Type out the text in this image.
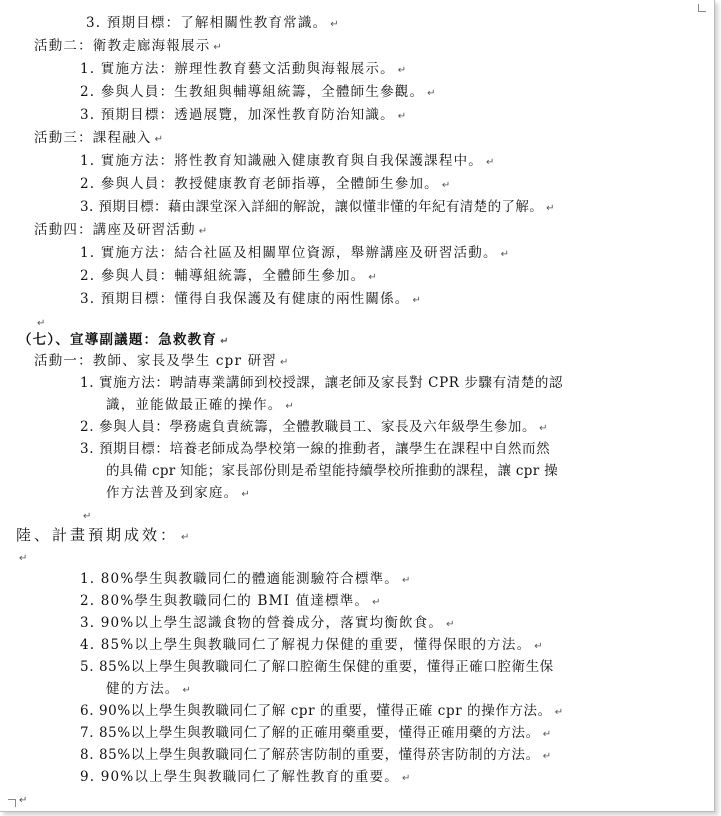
3. 預期目標：了解相關性教育常識。 ↵
活動二：衛教走廊海報展示 ↵
1. 實施方法：辦理性教育藝文活動與海報展示。 ↵
2. 參與人員：生教組與輔導組統籌，全體師生參觀。 ↵
3. 預期目標：透過展覽，加深性教育防治知識。 ↵
活動三：課程融入 ↵
1. 實施方法：將性教育知識融入健康教育與自我保護課程中。 ↵
2. 參與人員：教授健康教育老師指導，全體師生參加。 ↵
3. 預期目標：藉由課堂深入詳細的解說，讓似懂非懂的年紀有清楚的了解。 ↵
活動四：講座及研習活動 ↵
1. 實施方法：結合社區及相關單位資源，舉辦講座及研習活動。 ↵
2. 參與人員：輔導組統籌，全體師生參加。 ↵
3. 預期目標：懂得自我保護及有健康的兩性關係。 ↵
↵
（七）、宣導副議題：急救教育 ↵
活動一：教師、家長及學生 cpr 研習 ↵
1. 實施方法：聘請專業講師到校授課，讓老師及家長對 CPR 步驟有清楚的認
識，並能做最正確的操作。 ↵
2. 參與人員：學務處負責統籌，全體教職員工、家長及六年級學生參加。 ↵
3. 預期目標：培養老師成為學校第一線的推動者，讓學生在課程中自然而然
的具備 cpr 知能；家長部份則是希望能持續學校所推動的課程，讓 cpr 操
作方法普及到家庭。 ↵
↵
陸、計畫預期成效： ↵
↵
1. 80%學生與教職同仁的體適能測驗符合標準。 ↵
2. 80%學生與教職同仁的 BMI 值達標準。 ↵
3. 90%以上學生認識食物的營養成分，落實均衡飲食。 ↵
4. 85%以上學生與教職同仁了解視力保健的重要，懂得保眼的方法。 ↵
5. 85%以上學生與教職同仁了解口腔衛生保健的重要，懂得正確口腔衛生保
健的方法。 ↵
6. 90%以上學生與教職同仁了解 cpr 的重要，懂得正確 cpr 的操作方法。 ↵
7. 85%以上學生與教職同仁了解的正確用藥重要，懂得正確用藥的方法。 ↵
8. 85%以上學生與教職同仁了解菸害防制的重要，懂得菸害防制的方法。 ↵
9. 90%以上學生與教職同仁了解性教育的重要。 ↵
↵
